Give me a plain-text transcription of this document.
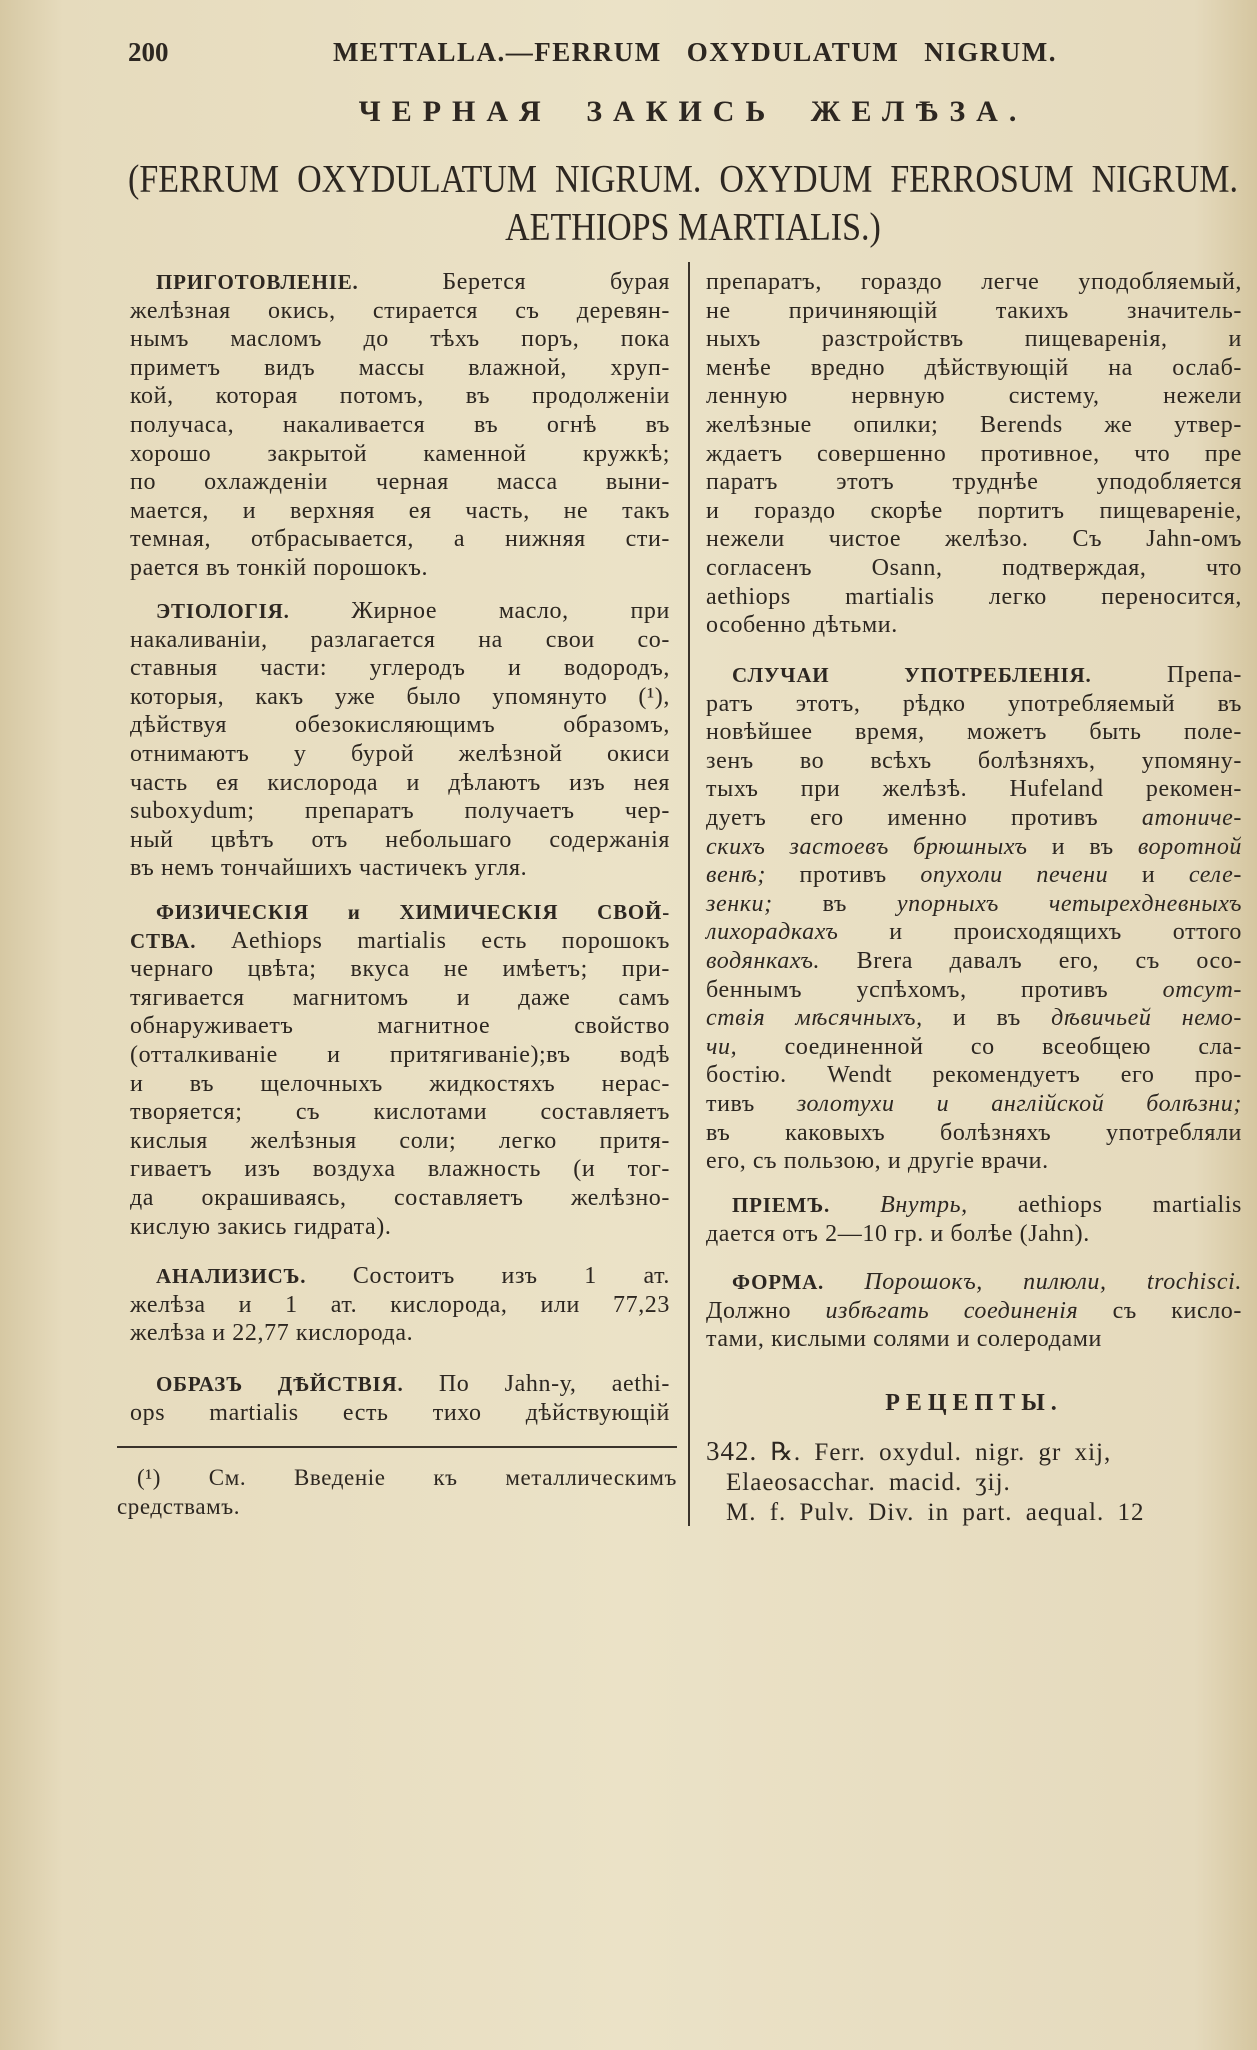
200	METTALLA.—FERRUM OXYDULATUM NIGRUM.
ЧЕРНАЯ ЗАКИСЬ ЖЕЛѢЗА.
(FERRUM OXYDULATUM NIGRUM. OXYDUM FERROSUM NIGRUM.
AETHIOPS MARTIALIS.)
ПРИГОТОВЛЕНІЕ.	Берется бурая
желѣзная окись, стирается съ деревян-
нымъ масломъ до тѣхъ поръ, пока
приметъ видъ массы влажной, хруп-
кой, которая потомъ, въ продолженіи
получаса, накаливается въ огнѣ въ
хорошо закрытой каменной кружкѣ;
по охлажденіи черная масса выни-
мается, и верхняя ея часть, не такъ
темная, отбрасывается, а нижняя сти-
рается въ тонкій порошокъ.
ЭТІОЛОГІЯ.	Жирное масло, при
накаливаніи, разлагается на свои со-
ставныя части: углеродъ и водородъ,
которыя, какъ уже было упомянуто (¹),
дѣйствуя обезокисляющимъ образомъ,
отнимаютъ у бурой желѣзной окиси
часть ея кислорода и дѣлаютъ изъ нея
suboxydum; препаратъ получаетъ чер-
ный цвѣтъ отъ небольшаго содержанія
въ немъ тончайшихъ частичекъ угля.
ФИЗИЧЕСКІЯ и ХИМИЧЕСКІЯ СВОЙ-
СТВА. Aethiops martialis есть порошокъ
чернаго цвѣта; вкуса не имѣетъ; при-
тягивается магнитомъ и даже самъ
обнаруживаетъ магнитное свойство
(отталкиваніе и притягиваніе);въ водѣ
и въ щелочныхъ жидкостяхъ нерас-
творяется; съ кислотами составляетъ
кислыя желѣзныя соли; легко притя-
гиваетъ изъ воздуха влажность (и тог-
да окрашиваясь, составляетъ желѣзно-
кислую закись гидрата).
АНАЛИЗИСЪ. Состоитъ изъ 1 ат.
желѣза и 1 ат. кислорода, или 77,23
желѣза и 22,77 кислорода.
ОБРАЗЪ ДѢЙСТВІЯ. По Jahn-у, aethi-
ops martialis есть тихо дѣйствующій
(¹) См. Введеніе къ металлическимъ
средствамъ.
препаратъ, гораздо легче уподобляемый,
не причиняющій такихъ значитель-
ныхъ разстройствъ пищеваренія, и
менѣе вредно дѣйствующій на ослаб-
ленную нервную систему, нежели
желѣзные опилки; Berends же утвер-
ждаетъ совершенно противное, что пре
паратъ этотъ труднѣе уподобляется
и гораздо скорѣе портитъ пищевареніе,
нежели чистое желѣзо. Съ Jahn-омъ
согласенъ Osann, подтверждая, что
aethiops martialis легко переносится,
особенно дѣтьми.
СЛУЧАИ УПОТРЕБЛЕНІЯ.	Препа-
ратъ этотъ, рѣдко употребляемый въ
новѣйшее время, можетъ быть поле-
зенъ во всѣхъ болѣзняхъ, упомяну-
тыхъ при желѣзѣ. Hufeland рекомен-
дуетъ его именно противъ атониче-
скихъ застоевъ брюшныхъ и въ воротной
венѣ; противъ опухоли печени и селе-
зенки; въ упорныхъ четырехдневныхъ
лихорадкахъ и происходящихъ оттого
водянкахъ. Brera давалъ его, съ осо-
беннымъ успѣхомъ, противъ отсут-
ствія мѣсячныхъ, и въ дѣвичьей немо-
чи, соединенной со всеобщею сла-
бостію. Wendt рекомендуетъ его про-
тивъ золотухи и англійской болѣзни;
въ каковыхъ болѣзняхъ употребляли
его, съ пользою, и другіе врачи.
ПРІЕМЪ. Внутрь, aethiops martialis
дается отъ 2—10 гр. и болѣе (Jahn).
ФОРМА. Порошокъ, пилюли, trochisci.
Должно избѣгать соединенія съ кисло-
тами, кислыми солями и солеродами
РЕЦЕПТЫ.
342. ℞. Ferr. oxydul. nigr. gr xij,
Elaeosacchar. macid. ʒij.
M. f. Pulv. Div. in part. aequal. 12
